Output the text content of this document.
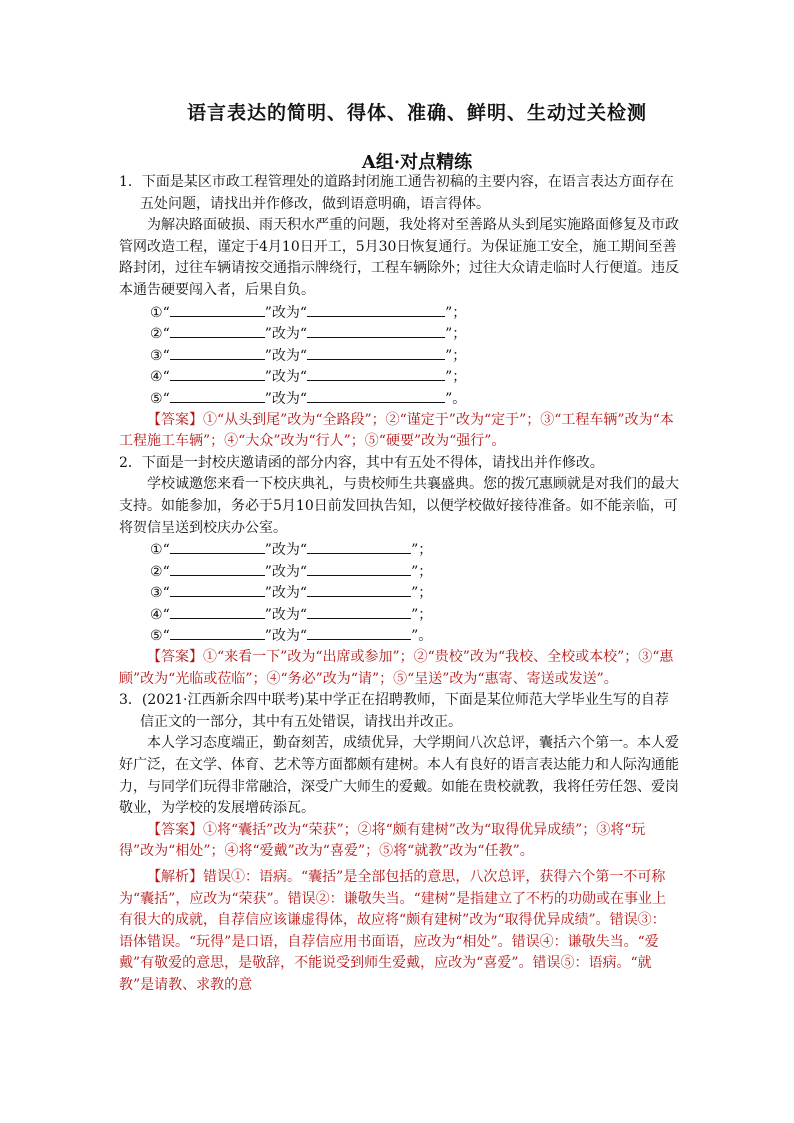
语言表达的简明、得体、准确、鲜明、生动过关检测
A组·对点精练

1．下面是某区市政工程管理处的道路封闭施工通告初稿的主要内容，在语言表达方面存在五处问题，请找出并作修改，做到语意明确，语言得体。

为解决路面破损、雨天积水严重的问题，我处将对至善路从头到尾实施路面修复及市政管网改造工程，谨定于4月10日开工，5月30日恢复通行。为保证施工安全，施工期间至善路封闭，过往车辆请按交通指示牌绕行，工程车辆除外；过往大众请走临时人行便道。违反本通告硬要闯入者，后果自负。

①“	”改为“	”；
②“	”改为“	”；
③“	”改为“	”；
④“	”改为“	”；
⑤“	”改为“	”。

【答案】①“从头到尾”改为“全路段”；②“谨定于”改为“定于”；③“工程车辆”改为“本工程施工车辆”；④“大众”改为“行人”；⑤“硬要”改为“强行”。

2．下面是一封校庆邀请函的部分内容，其中有五处不得体，请找出并作修改。

学校诚邀您来看一下校庆典礼，与贵校师生共襄盛典。您的拨冗惠顾就是对我们的最大支持。如能参加，务必于5月10日前发回执告知，以便学校做好接待准备。如不能亲临，可将贺信呈送到校庆办公室。

①“	”改为“	”；
②“	”改为“	”；
③“	”改为“	”；
④“	”改为“	”；
⑤“	”改为“	”。

【答案】①“来看一下”改为“出席或参加”；②“贵校”改为“我校、全校或本校”；③“惠顾”改为“光临或莅临”；④“务必”改为“请”；⑤“呈送”改为“惠寄、寄送或发送”。

3．(2021·江西新余四中联考)某中学正在招聘教师，下面是某位师范大学毕业生写的自荐信正文的一部分，其中有五处错误，请找出并改正。

本人学习态度端正，勤奋刻苦，成绩优异，大学期间八次总评，囊括六个第一。本人爱好广泛，在文学、体育、艺术等方面都颇有建树。本人有良好的语言表达能力和人际沟通能力，与同学们玩得非常融洽，深受广大师生的爱戴。如能在贵校就教，我将任劳任怨、爱岗敬业，为学校的发展增砖添瓦。

【答案】①将“囊括”改为“荣获”；②将“颇有建树”改为“取得优异成绩”；③将“玩得”改为“相处”；④将“爱戴”改为“喜爱”；⑤将“就教”改为“任教”。

【解析】错误①：语病。“囊括”是全部包括的意思，八次总评，获得六个第一不可称为“囊括”，应改为“荣获”。错误②：谦敬失当。“建树”是指建立了不朽的功勋或在事业上有很大的成就，自荐信应该谦虚得体，故应将“颇有建树”改为“取得优异成绩”。错误③：语体错误。“玩得”是口语，自荐信应用书面语，应改为“相处”。错误④：谦敬失当。“爱戴”有敬爱的意思，是敬辞，不能说受到师生爱戴，应改为“喜爱”。错误⑤：语病。“就教”是请教、求教的意
